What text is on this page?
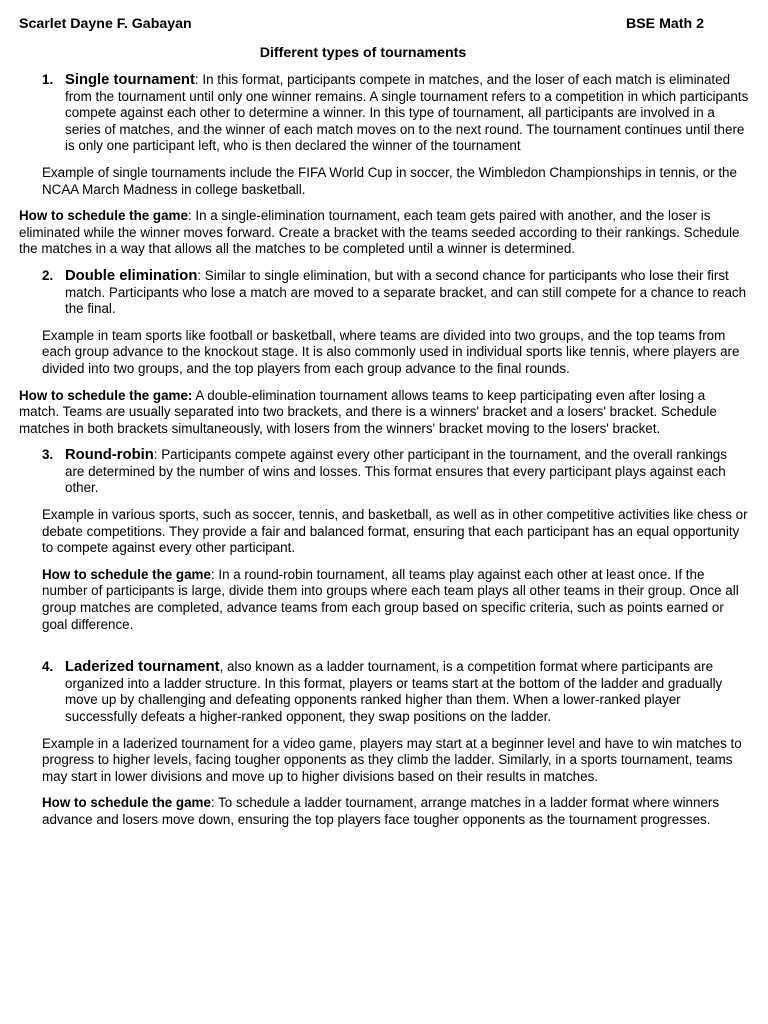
Scarlet Dayne F. Gabayan	BSE Math 2
Different types of tournaments
1. Single tournament: In this format, participants compete in matches, and the loser of each match is eliminated from the tournament until only one winner remains. A single tournament refers to a competition in which participants compete against each other to determine a winner. In this type of tournament, all participants are involved in a series of matches, and the winner of each match moves on to the next round. The tournament continues until there is only one participant left, who is then declared the winner of the tournament

Example of single tournaments include the FIFA World Cup in soccer, the Wimbledon Championships in tennis, or the NCAA March Madness in college basketball.

How to schedule the game: In a single-elimination tournament, each team gets paired with another, and the loser is eliminated while the winner moves forward. Create a bracket with the teams seeded according to their rankings. Schedule the matches in a way that allows all the matches to be completed until a winner is determined.

2. Double elimination: Similar to single elimination, but with a second chance for participants who lose their first match. Participants who lose a match are moved to a separate bracket, and can still compete for a chance to reach the final.

Example in team sports like football or basketball, where teams are divided into two groups, and the top teams from each group advance to the knockout stage. It is also commonly used in individual sports like tennis, where players are divided into two groups, and the top players from each group advance to the final rounds.

How to schedule the game: A double-elimination tournament allows teams to keep participating even after losing a match. Teams are usually separated into two brackets, and there is a winners' bracket and a losers' bracket. Schedule matches in both brackets simultaneously, with losers from the winners' bracket moving to the losers' bracket.

3. Round-robin: Participants compete against every other participant in the tournament, and the overall rankings are determined by the number of wins and losses. This format ensures that every participant plays against each other.

Example in various sports, such as soccer, tennis, and basketball, as well as in other competitive activities like chess or debate competitions. They provide a fair and balanced format, ensuring that each participant has an equal opportunity to compete against every other participant.

How to schedule the game: In a round-robin tournament, all teams play against each other at least once. If the number of participants is large, divide them into groups where each team plays all other teams in their group. Once all group matches are completed, advance teams from each group based on specific criteria, such as points earned or goal difference.

4. Laderized tournament, also known as a ladder tournament, is a competition format where participants are organized into a ladder structure. In this format, players or teams start at the bottom of the ladder and gradually move up by challenging and defeating opponents ranked higher than them. When a lower-ranked player successfully defeats a higher-ranked opponent, they swap positions on the ladder.

Example in a laderized tournament for a video game, players may start at a beginner level and have to win matches to progress to higher levels, facing tougher opponents as they climb the ladder. Similarly, in a sports tournament, teams may start in lower divisions and move up to higher divisions based on their results in matches.

How to schedule the game: To schedule a ladder tournament, arrange matches in a ladder format where winners advance and losers move down, ensuring the top players face tougher opponents as the tournament progresses.
